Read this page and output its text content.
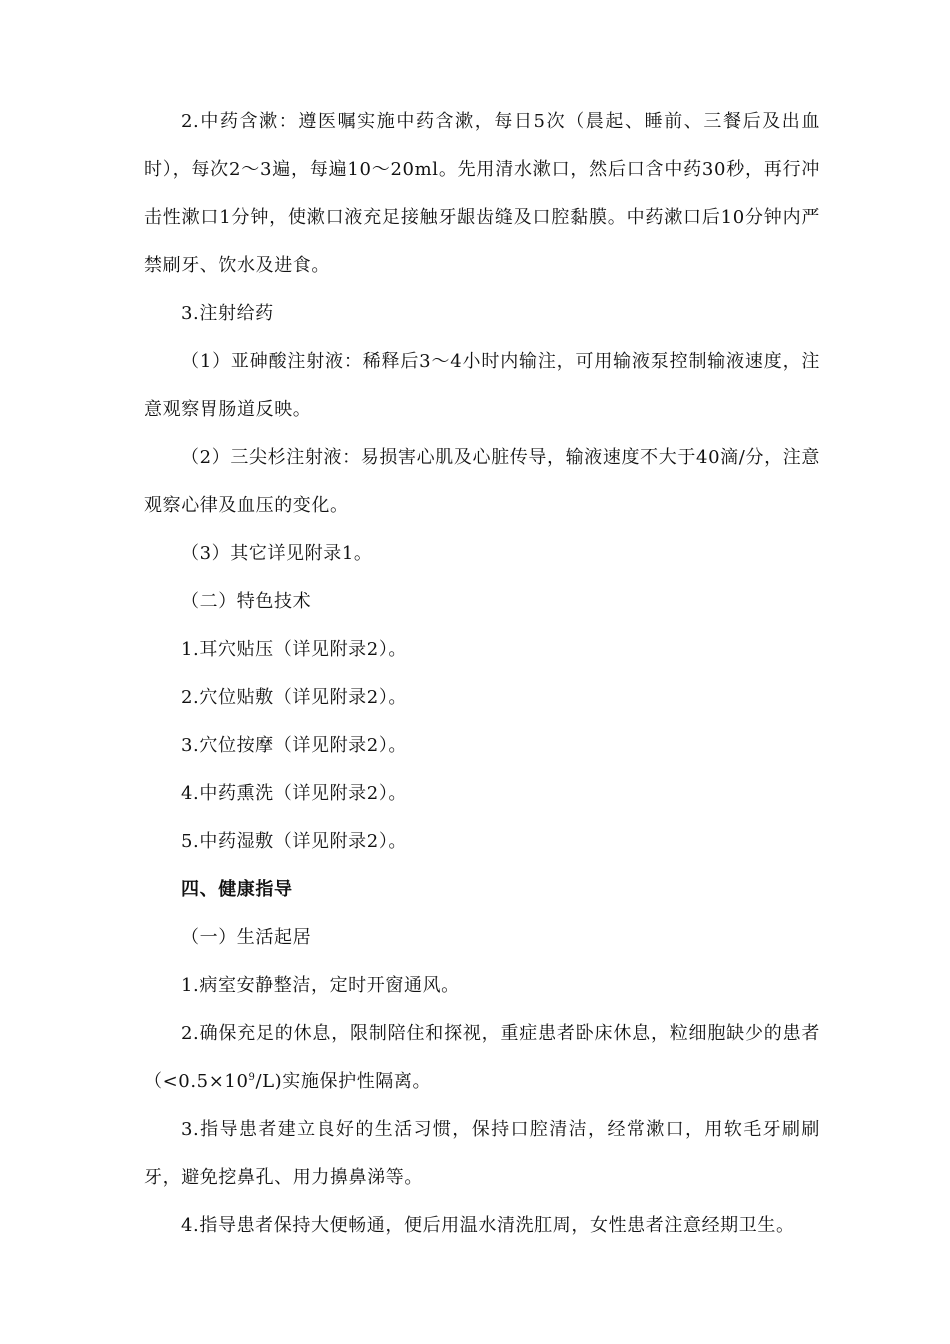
2.中药含漱：遵医嘱实施中药含漱，每日5次（晨起、睡前、三餐后及出血时），每次2～3遍，每遍10～20ml。先用清水漱口，然后口含中药30秒，再行冲击性漱口1分钟，使漱口液充足接触牙龈齿缝及口腔黏膜。中药漱口后10分钟内严禁刷牙、饮水及进食。

3.注射给药

（1）亚砷酸注射液：稀释后3～4小时内输注，可用输液泵控制输液速度，注意观察胃肠道反映。

（2）三尖杉注射液：易损害心肌及心脏传导，输液速度不大于40滴/分，注意观察心律及血压的变化。

（3）其它详见附录1。

（二）特色技术

1.耳穴贴压（详见附录2）。

2.穴位贴敷（详见附录2）。

3.穴位按摩（详见附录2）。

4.中药熏洗（详见附录2）。

5.中药湿敷（详见附录2）。

四、健康指导

（一）生活起居

1.病室安静整洁，定时开窗通风。

2.确保充足的休息，限制陪住和探视，重症患者卧床休息，粒细胞缺少的患者$(<0.5\times 10^9/L)$实施保护性隔离。

3.指导患者建立良好的生活习惯，保持口腔清洁，经常漱口，用软毛牙刷刷牙，避免挖鼻孔、用力擤鼻涕等。

4.指导患者保持大便畅通，便后用温水清洗肛周，女性患者注意经期卫生。
